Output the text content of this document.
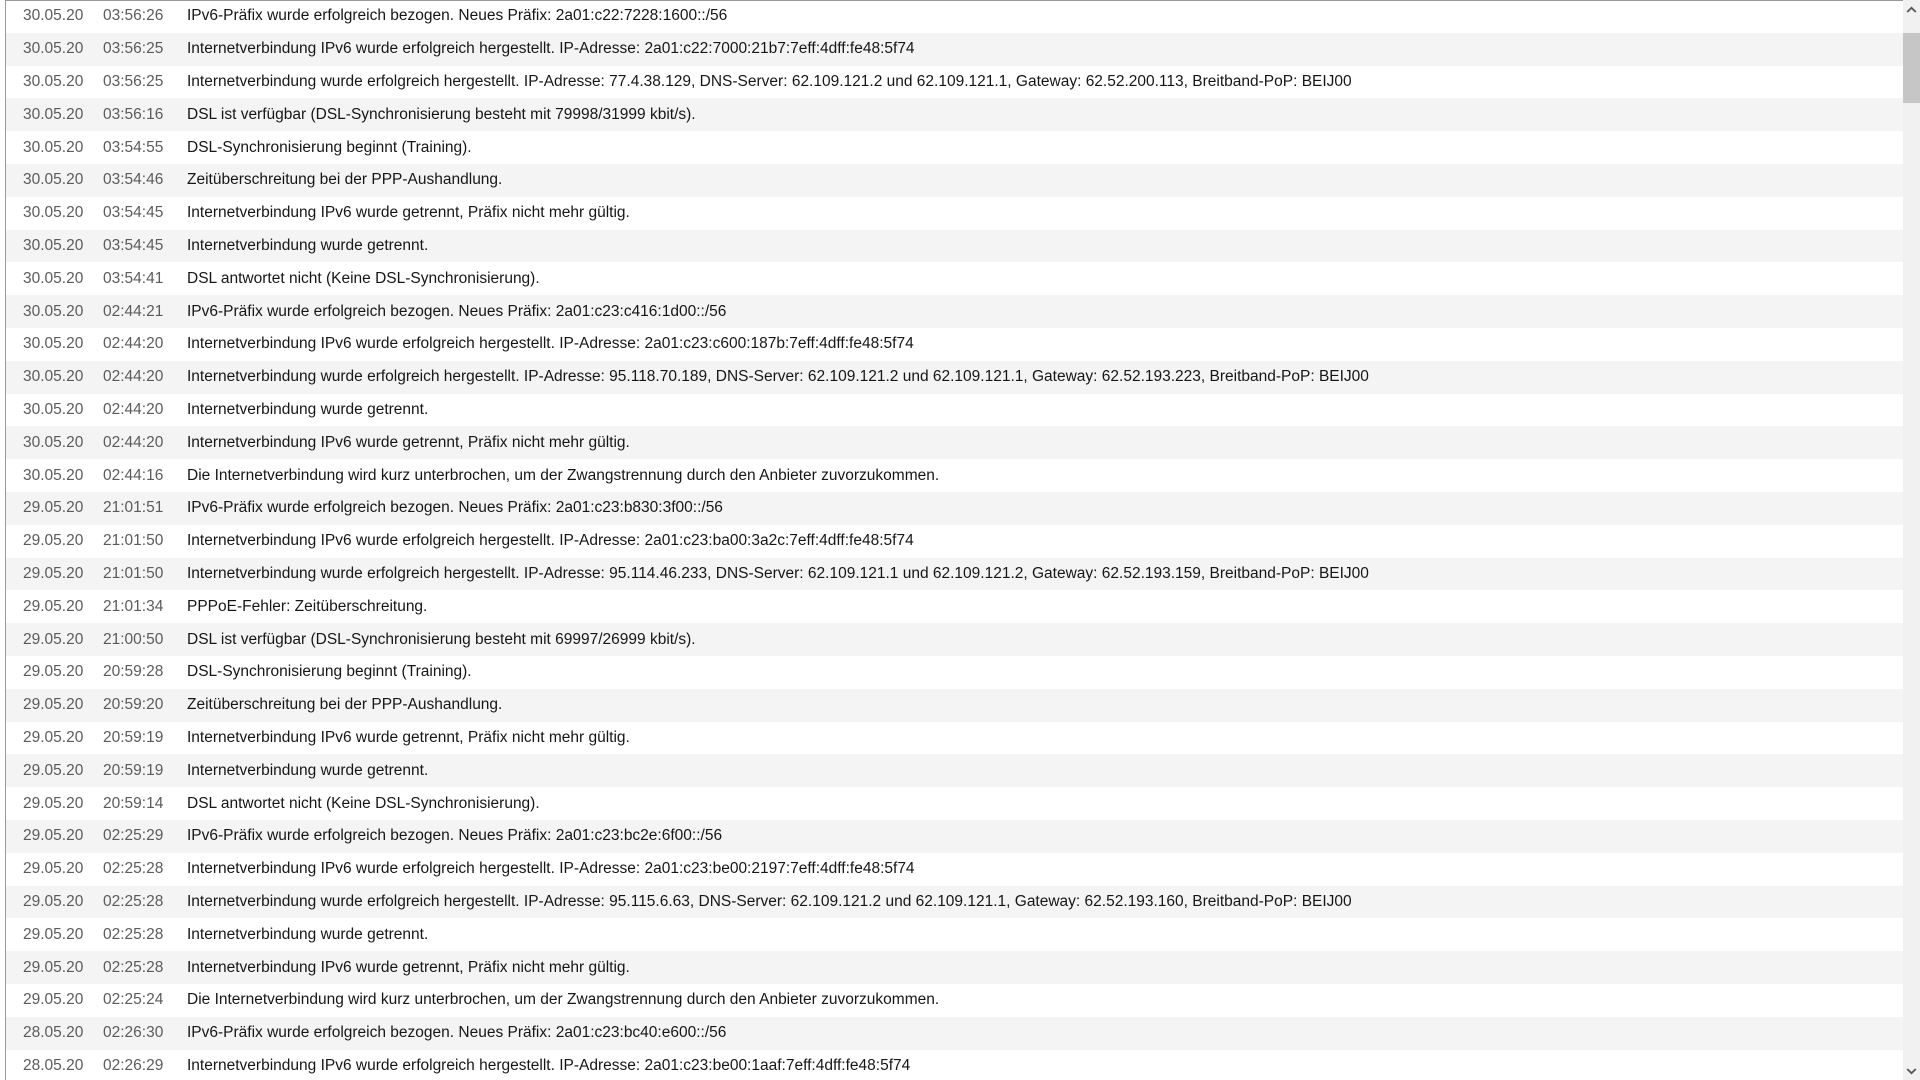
30.05.20	03:56:26	IPv6-Präfix wurde erfolgreich bezogen. Neues Präfix: 2a01:c22:7228:1600::/56
30.05.20	03:56:25	Internetverbindung IPv6 wurde erfolgreich hergestellt. IP-Adresse: 2a01:c22:7000:21b7:7eff:4dff:fe48:5f74
30.05.20	03:56:25	Internetverbindung wurde erfolgreich hergestellt. IP-Adresse: 77.4.38.129, DNS-Server: 62.109.121.2 und 62.109.121.1, Gateway: 62.52.200.113, Breitband-PoP: BEIJ00
30.05.20	03:56:16	DSL ist verfügbar (DSL-Synchronisierung besteht mit 79998/31999 kbit/s).
30.05.20	03:54:55	DSL-Synchronisierung beginnt (Training).
30.05.20	03:54:46	Zeitüberschreitung bei der PPP-Aushandlung.
30.05.20	03:54:45	Internetverbindung IPv6 wurde getrennt, Präfix nicht mehr gültig.
30.05.20	03:54:45	Internetverbindung wurde getrennt.
30.05.20	03:54:41	DSL antwortet nicht (Keine DSL-Synchronisierung).
30.05.20	02:44:21	IPv6-Präfix wurde erfolgreich bezogen. Neues Präfix: 2a01:c23:c416:1d00::/56
30.05.20	02:44:20	Internetverbindung IPv6 wurde erfolgreich hergestellt. IP-Adresse: 2a01:c23:c600:187b:7eff:4dff:fe48:5f74
30.05.20	02:44:20	Internetverbindung wurde erfolgreich hergestellt. IP-Adresse: 95.118.70.189, DNS-Server: 62.109.121.2 und 62.109.121.1, Gateway: 62.52.193.223, Breitband-PoP: BEIJ00
30.05.20	02:44:20	Internetverbindung wurde getrennt.
30.05.20	02:44:20	Internetverbindung IPv6 wurde getrennt, Präfix nicht mehr gültig.
30.05.20	02:44:16	Die Internetverbindung wird kurz unterbrochen, um der Zwangstrennung durch den Anbieter zuvorzukommen.
29.05.20	21:01:51	IPv6-Präfix wurde erfolgreich bezogen. Neues Präfix: 2a01:c23:b830:3f00::/56
29.05.20	21:01:50	Internetverbindung IPv6 wurde erfolgreich hergestellt. IP-Adresse: 2a01:c23:ba00:3a2c:7eff:4dff:fe48:5f74
29.05.20	21:01:50	Internetverbindung wurde erfolgreich hergestellt. IP-Adresse: 95.114.46.233, DNS-Server: 62.109.121.1 und 62.109.121.2, Gateway: 62.52.193.159, Breitband-PoP: BEIJ00
29.05.20	21:01:34	PPPoE-Fehler: Zeitüberschreitung.
29.05.20	21:00:50	DSL ist verfügbar (DSL-Synchronisierung besteht mit 69997/26999 kbit/s).
29.05.20	20:59:28	DSL-Synchronisierung beginnt (Training).
29.05.20	20:59:20	Zeitüberschreitung bei der PPP-Aushandlung.
29.05.20	20:59:19	Internetverbindung IPv6 wurde getrennt, Präfix nicht mehr gültig.
29.05.20	20:59:19	Internetverbindung wurde getrennt.
29.05.20	20:59:14	DSL antwortet nicht (Keine DSL-Synchronisierung).
29.05.20	02:25:29	IPv6-Präfix wurde erfolgreich bezogen. Neues Präfix: 2a01:c23:bc2e:6f00::/56
29.05.20	02:25:28	Internetverbindung IPv6 wurde erfolgreich hergestellt. IP-Adresse: 2a01:c23:be00:2197:7eff:4dff:fe48:5f74
29.05.20	02:25:28	Internetverbindung wurde erfolgreich hergestellt. IP-Adresse: 95.115.6.63, DNS-Server: 62.109.121.2 und 62.109.121.1, Gateway: 62.52.193.160, Breitband-PoP: BEIJ00
29.05.20	02:25:28	Internetverbindung wurde getrennt.
29.05.20	02:25:28	Internetverbindung IPv6 wurde getrennt, Präfix nicht mehr gültig.
29.05.20	02:25:24	Die Internetverbindung wird kurz unterbrochen, um der Zwangstrennung durch den Anbieter zuvorzukommen.
28.05.20	02:26:30	IPv6-Präfix wurde erfolgreich bezogen. Neues Präfix: 2a01:c23:bc40:e600::/56
28.05.20	02:26:29	Internetverbindung IPv6 wurde erfolgreich hergestellt. IP-Adresse: 2a01:c23:be00:1aaf:7eff:4dff:fe48:5f74
